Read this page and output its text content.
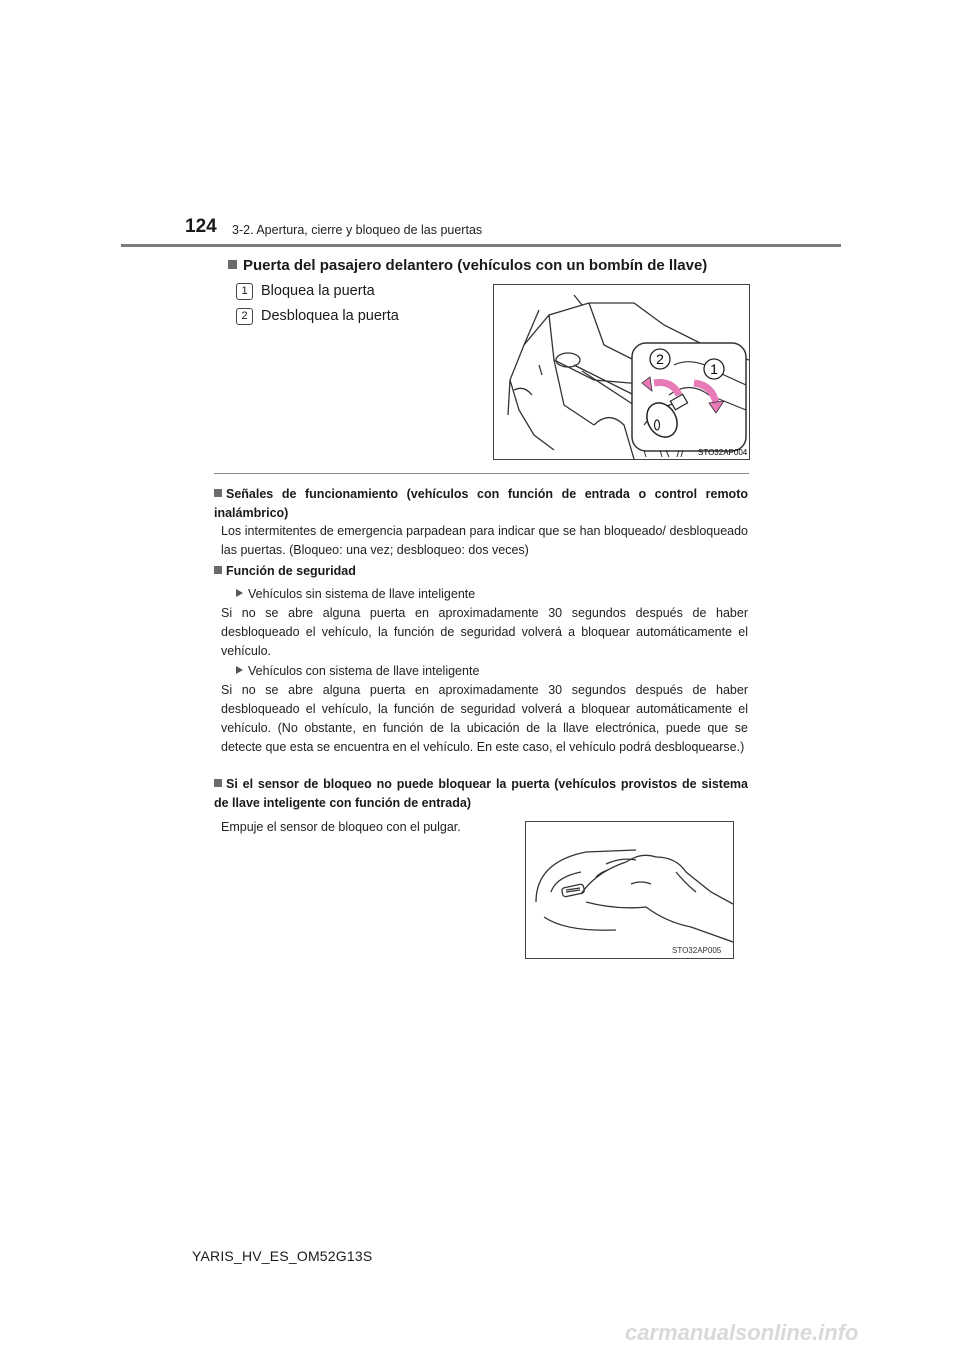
124 3-2. Apertura, cierre y bloqueo de las puertas
Puerta del pasajero delantero (vehículos con un bombín de llave)
1 Bloquea la puerta
2 Desbloquea la puerta
2
1
STO32AP004
Señales de funcionamiento (vehículos con función de entrada o control remoto inalámbrico)
Los intermitentes de emergencia parpadean para indicar que se han bloqueado/ desbloqueado las puertas. (Bloqueo: una vez; desbloqueo: dos veces)
Función de seguridad
Vehículos sin sistema de llave inteligente
Si no se abre alguna puerta en aproximadamente 30 segundos después de haber desbloqueado el vehículo, la función de seguridad volverá a bloquear automáticamente el vehículo.
Vehículos con sistema de llave inteligente
Si no se abre alguna puerta en aproximadamente 30 segundos después de haber desbloqueado el vehículo, la función de seguridad volverá a bloquear automáticamente el vehículo. (No obstante, en función de la ubicación de la llave electrónica, puede que se detecte que esta se encuentra en el vehículo. En este caso, el vehículo podrá desbloquearse.)
Si el sensor de bloqueo no puede bloquear la puerta (vehículos provistos de sistema de llave inteligente con función de entrada)
Empuje el sensor de bloqueo con el pulgar.
STO32AP005
YARIS_HV_ES_OM52G13S
carmanualsonline.info
